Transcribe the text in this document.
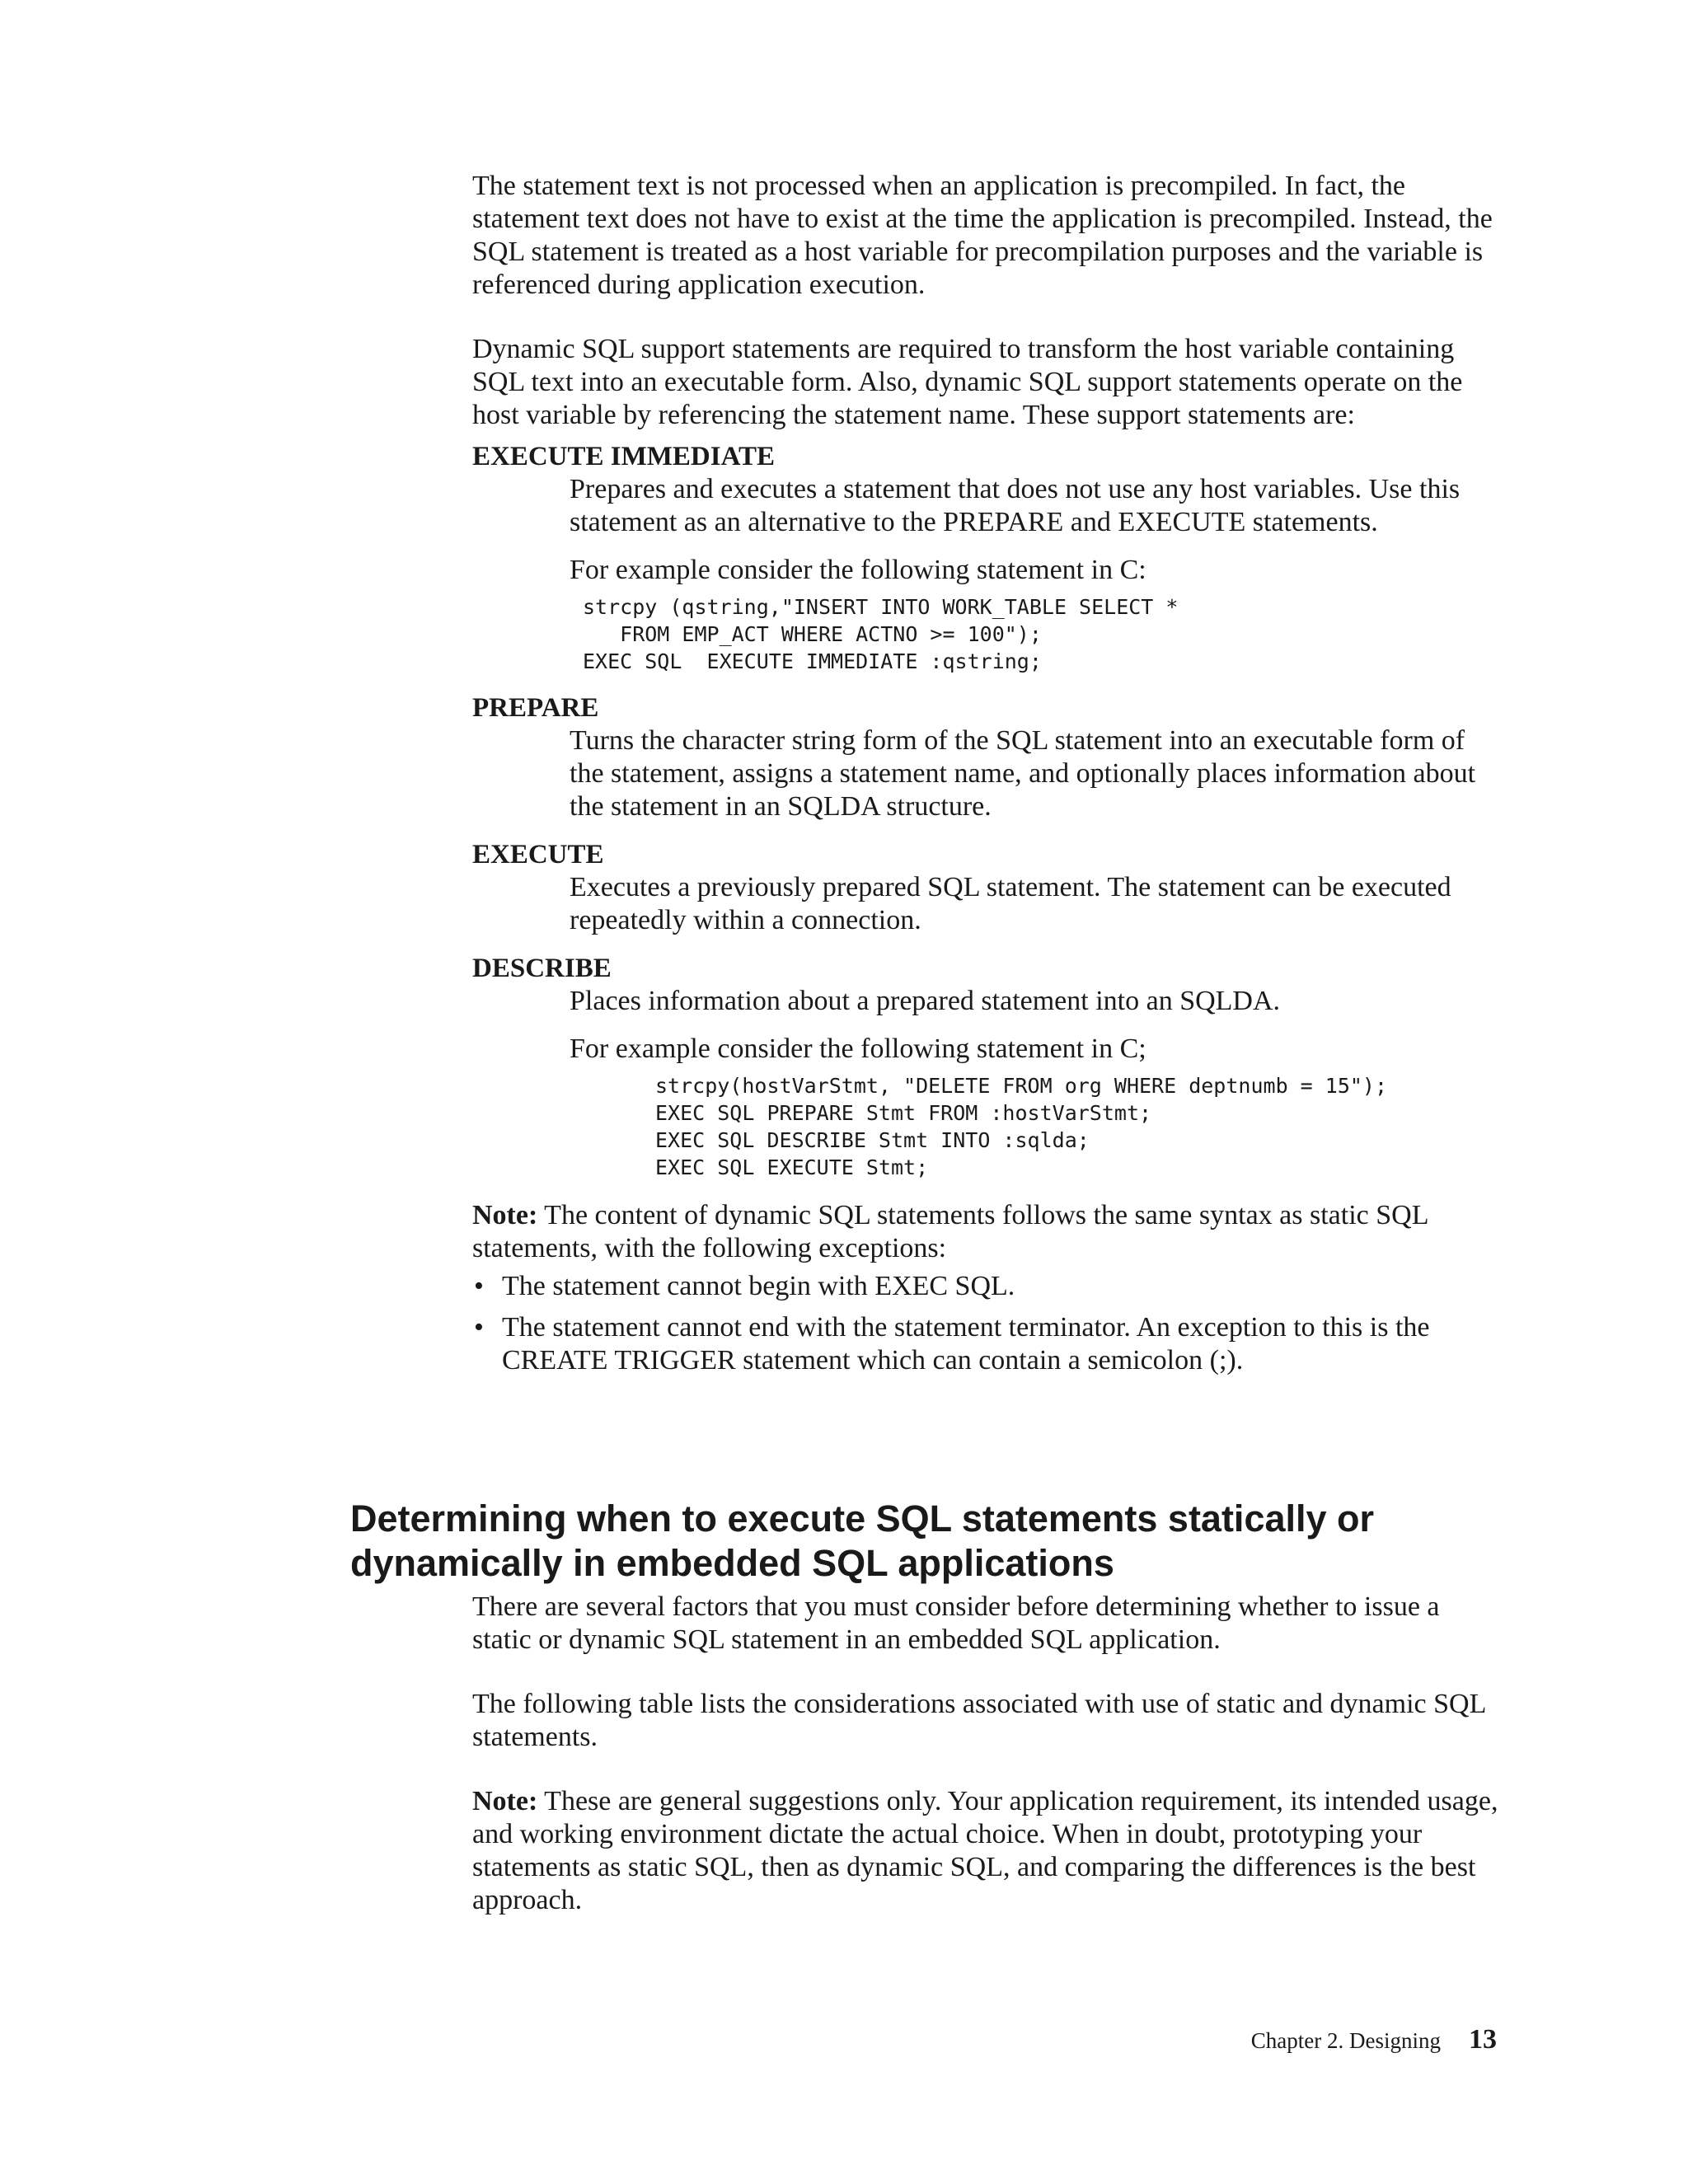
The statement text is not processed when an application is precompiled. In fact, the statement text does not have to exist at the time the application is precompiled. Instead, the SQL statement is treated as a host variable for precompilation purposes and the variable is referenced during application execution.

Dynamic SQL support statements are required to transform the host variable containing SQL text into an executable form. Also, dynamic SQL support statements operate on the host variable by referencing the statement name. These support statements are:

EXECUTE IMMEDIATE

Prepares and executes a statement that does not use any host variables. Use this statement as an alternative to the PREPARE and EXECUTE statements.

For example consider the following statement in C:

strcpy (qstring,"INSERT INTO WORK_TABLE SELECT *
FROM EMP_ACT WHERE ACTNO >= 100");
EXEC SQL  EXECUTE IMMEDIATE :qstring;

PREPARE

Turns the character string form of the SQL statement into an executable form of the statement, assigns a statement name, and optionally places information about the statement in an SQLDA structure.

EXECUTE

Executes a previously prepared SQL statement. The statement can be executed repeatedly within a connection.

DESCRIBE

Places information about a prepared statement into an SQLDA.

For example consider the following statement in C;

strcpy(hostVarStmt, "DELETE FROM org WHERE deptnumb = 15");
EXEC SQL PREPARE Stmt FROM :hostVarStmt;
EXEC SQL DESCRIBE Stmt INTO :sqlda;
EXEC SQL EXECUTE Stmt;

Note: The content of dynamic SQL statements follows the same syntax as static SQL statements, with the following exceptions:

• The statement cannot begin with EXEC SQL.
• The statement cannot end with the statement terminator. An exception to this is the CREATE TRIGGER statement which can contain a semicolon (;).
Determining when to execute SQL statements statically or dynamically in embedded SQL applications

There are several factors that you must consider before determining whether to issue a static or dynamic SQL statement in an embedded SQL application.

The following table lists the considerations associated with use of static and dynamic SQL statements.

Note: These are general suggestions only. Your application requirement, its intended usage, and working environment dictate the actual choice. When in doubt, prototyping your statements as static SQL, then as dynamic SQL, and comparing the differences is the best approach.

Chapter 2. Designing 13
